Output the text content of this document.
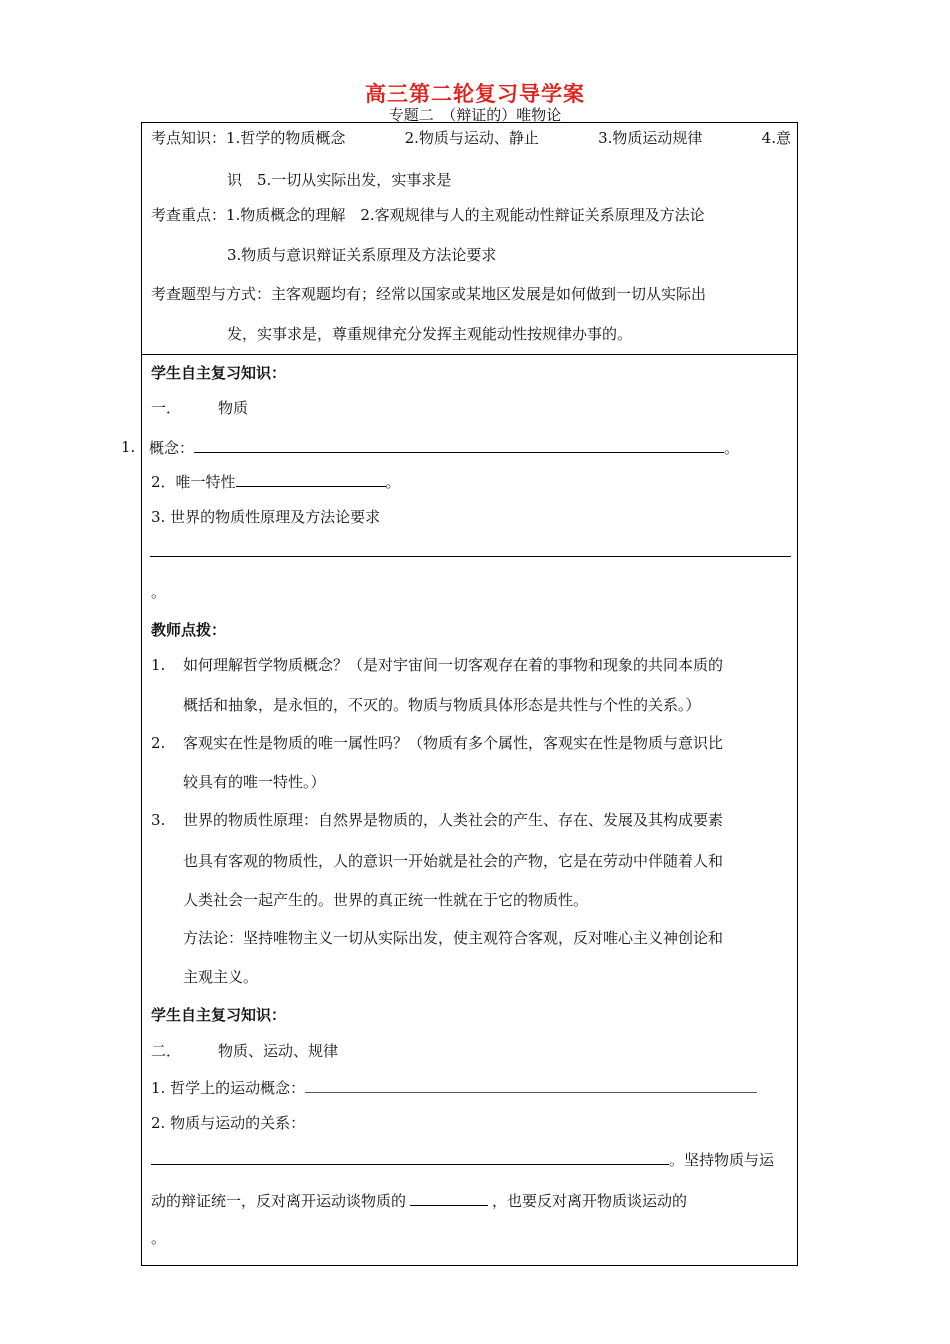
高三第二轮复习导学案
专题二　（辩证的）唯物论
考点知识：1.哲学的物质概念	2.物质与运动、静止	3.物质运动规律	4.意
识　5.一切从实际出发，实事求是
考查重点：1.物质概念的理解　2.客观规律与人的主观能动性辩证关系原理及方法论
3.物质与意识辩证关系原理及方法论要求
考查题型与方式：主客观题均有；经常以国家或某地区发展是如何做到一切从实际出
发，实事求是，尊重规律充分发挥主观能动性按规律办事的。
学生自主复习知识：
一． 物质
1. 概念：	。
2．唯一特性	。
3. 世界的物质性原理及方法论要求
。
教师点拨：
1. 如何理解哲学物质概念？（是对宇宙间一切客观存在着的事物和现象的共同本质的
概括和抽象，是永恒的，不灭的。物质与物质具体形态是共性与个性的关系。）
2. 客观实在性是物质的唯一属性吗？（物质有多个属性，客观实在性是物质与意识比
较具有的唯一特性。）
3. 世界的物质性原理：自然界是物质的，人类社会的产生、存在、发展及其构成要素
也具有客观的物质性，人的意识一开始就是社会的产物，它是在劳动中伴随着人和
人类社会一起产生的。世界的真正统一性就在于它的物质性。
方法论：坚持唯物主义一切从实际出发，使主观符合客观，反对唯心主义神创论和
主观主义。
学生自主复习知识：
二． 物质、运动、规律
1. 哲学上的运动概念：
2. 物质与运动的关系：
。坚持物质与运
动的辩证统一，反对离开运动谈物质的	，也要反对离开物质谈运动的
。
